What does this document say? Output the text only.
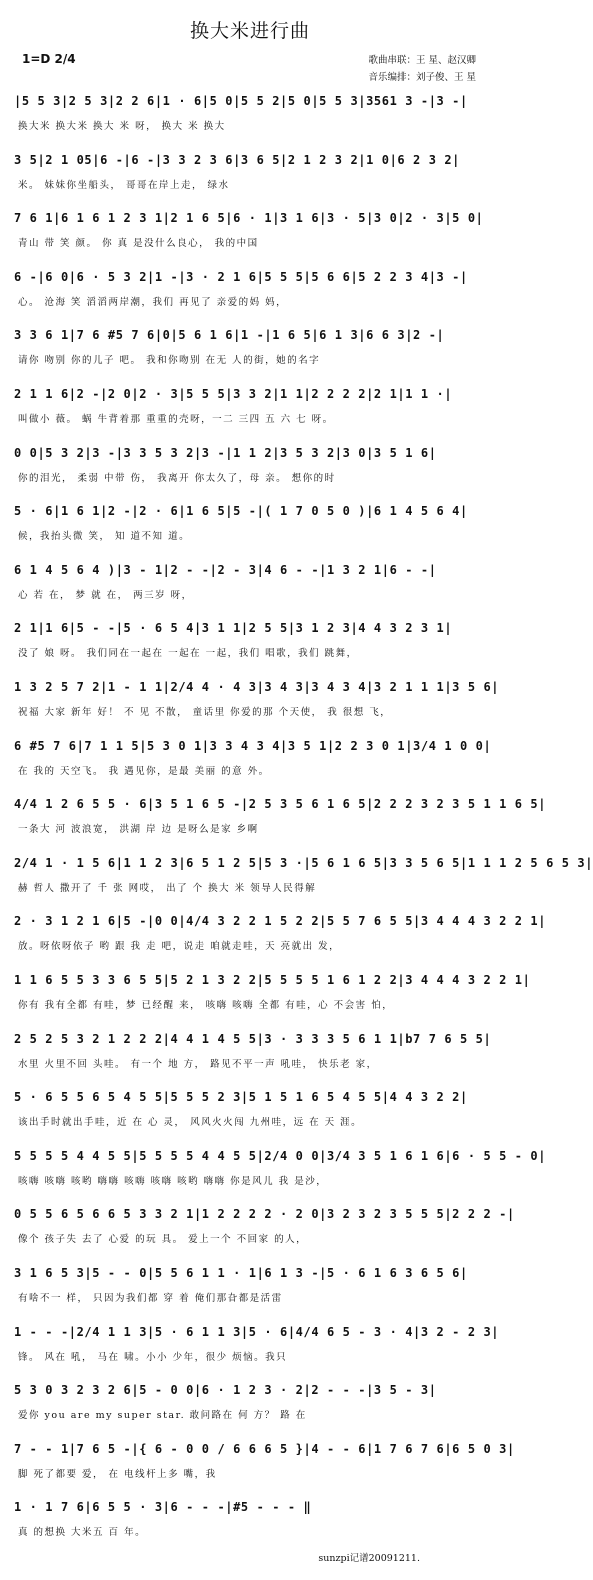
换大米进行曲
1=D 2/4	歌曲串联：王 星、赵汉卿
音乐编排：刘子俊、王 星
|5 5 3|2 5 3|2 2 6|1 · 6|5 0|5 5 2|5 0|5 5 3|3561 3 -|3 -|
换大米 换大米 换大 米 呀， 换大 米 换大
3 5|2 1 05|6 -|6 -|3 3 2 3 6|3 6 5|2 1 2 3 2|1 0|6 2 3 2|
米。 妹妹你坐船头， 哥哥在岸上走， 绿水
7 6 1|6 1 6 1 2 3 1|2 1 6 5|6 · 1|3 1 6|3 · 5|3 0|2 · 3|5 0|
青山 带 笑 颜。 你 真 是没什么良心， 我的中国
6 -|6 0|6 · 5 3 2|1 -|3 · 2 1 6|5 5 5|5 6 6|5 2 2 3 4|3 -|
心。 沧海 笑 滔滔两岸潮，我们 再见了 亲爱的妈 妈，
3 3 6 1|7 6 #5 7 6|0|5 6 1 6|1 -|1 6 5|6 1 3|6 6 3|2 -|
请你 吻别 你的儿子 吧。 我和你吻别 在无 人的街，她的名字
2 1 1 6|2 -|2 0|2 · 3|5 5 5|3 3 2|1 1|2 2 2 2|2 1|1 1 ·|
叫做小 薇。 蜗 牛背着那 重重的壳呀，一二 三四 五 六 七 呀。
0 0|5 3 2|3 -|3 3 5 3 2|3 -|1 1 2|3 5 3 2|3 0|3 5 1 6|
你的泪光， 柔弱 中带 伤， 我离开 你太久了，母 亲。 想你的时
5 · 6|1 6 1|2 -|2 · 6|1 6 5|5 -|( 1 7 0 5 0 )|6 1 4 5 6 4|
候，我抬头微 笑， 知 道不知 道。
6 1 4 5 6 4 )|3 - 1|2 - -|2 - 3|4 6 - -|1 3 2 1|6 - -|
心 若 在， 梦 就 在， 两三岁 呀，
2 1|1 6|5 - -|5 · 6 5 4|3 1 1|2 5 5|3 1 2 3|4 4 3 2 3 1|
没了 娘 呀。 我们同在一起在 一起在 一起，我们 唱歌，我们 跳舞，
1 3 2 5 7 2|1 - 1 1|2/4 4 · 4 3|3 4 3|3 4 3 4|3 2 1 1 1|3 5 6|
祝福 大家 新年 好！ 不 见 不散， 童话里 你爱的那 个天使， 我 很想 飞，
6 #5 7 6|7 1 1 5|5 3 0 1|3 3 4 3 4|3 5 1|2 2 3 0 1|3/4 1 0 0|
在 我的 天空飞。 我 遇见你，是最 美丽 的意 外。
4/4 1 2 6 5 5 · 6|3 5 1 6 5 -|2 5 3 5 6 1 6 5|2 2 2 3 2 3 5 1 1 6 5|
一条大 河 波浪宽， 洪湖 岸 边 是呀么是家 乡啊
2/4 1 · 1 5 6|1 1 2 3|6 5 1 2 5|5 3 ·|5 6 1 6 5|3 3 5 6 5|1 1 1 2 5 6 5 3|
赫 哲人 撒开了 千 张 网哎， 出了 个 换大 米 领导人民得解
2 · 3 1 2 1 6|5 -|0 0|4/4 3 2 2 1 5 2 2|5 5 7 6 5 5|3 4 4 4 3 2 2 1|
放。呀依呀依子 哟 跟 我 走 吧，说走 咱就走哇，天 亮就出 发，
1 1 6 5 5 3 3 6 5 5|5 2 1 3 2 2|5 5 5 5 1 6 1 2 2|3 4 4 4 3 2 2 1|
你有 我有全都 有哇，梦 已经醒 来， 咳嗨 咳嗨 全都 有哇，心 不会害 怕，
2 5 2 5 3 2 1 2 2 2|4 4 1 4 5 5|3 · 3 3 3 5 6 1 1|b7 7 6 5 5|
水里 火里不回 头哇。 有一个 地 方， 路见不平一声 吼哇， 快乐老 家，
5 · 6 5 5 6 5 4 5 5|5 5 5 2 3|5 1 5 1 6 5 4 5 5|4 4 3 2 2|
该出手时就出手哇，近 在 心 灵， 风风火火闯 九州哇，远 在 天 涯。
5 5 5 5 4 4 5 5|5 5 5 5 4 4 5 5|2/4 0 0|3/4 3 5 1 6 1 6|6 · 5 5 - 0|
咳嗨 咳嗨 咳哟 嗨嗨 咳嗨 咳嗨 咳哟 嗨嗨 你是风儿 我 是沙，
0 5 5 6 5 6 6 5 3 3 2 1|1 2 2 2 2 · 2 0|3 2 3 2 3 5 5 5|2 2 2 -|
像个 孩子失 去了 心爱 的玩 具。 爱上一个 不回家 的人，
3 1 6 5 3|5 - - 0|5 5 6 1 1 · 1|6 1 3 -|5 · 6 1 6 3 6 5 6|
有啥不一 样， 只因为我们都 穿 着 俺们那旮都是活雷
1 - - -|2/4 1 1 3|5 · 6 1 1 3|5 · 6|4/4 6 5 - 3 · 4|3 2 - 2 3|
锋。 风在 吼， 马在 啸。小小 少年，很少 烦恼。我只
5 3 0 3 2 3 2 6|5 - 0 0|6 · 1 2 3 · 2|2 - - -|3 5 - 3|
爱你 you are my super star. 敢问路在 何 方？ 路 在
7 - - 1|7 6 5 -|{ 6 - 0 0 / 6 6 6 5 }|4 - - 6|1 7 6 7 6|6 5 0 3|
脚 死了都要 爱， 在 电线杆上多 嘴，我
1 · 1 7 6|6 5 5 · 3|6 - - -|#5 - - - ‖
真 的想换 大米五 百 年。
sunzpi记谱20091211.
